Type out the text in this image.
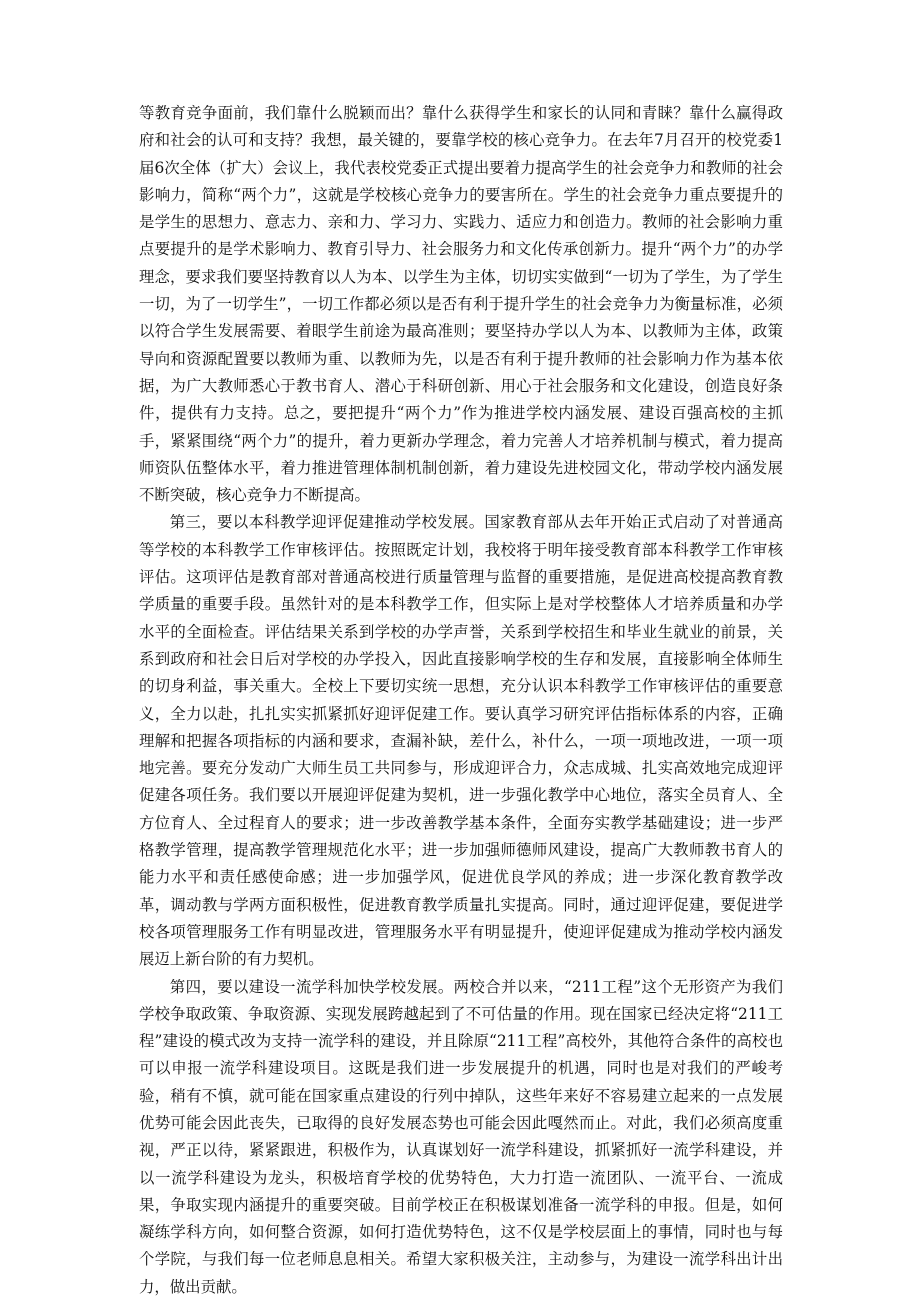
等教育竞争面前，我们靠什么脱颖而出？靠什么获得学生和家长的认同和青睐？靠什么赢得政府和社会的认可和支持？我想，最关键的，要靠学校的核心竞争力。在去年7月召开的校党委1届6次全体（扩大）会议上，我代表校党委正式提出要着力提高学生的社会竞争力和教师的社会影响力，简称“两个力”，这就是学校核心竞争力的要害所在。学生的社会竞争力重点要提升的是学生的思想力、意志力、亲和力、学习力、实践力、适应力和创造力。教师的社会影响力重点要提升的是学术影响力、教育引导力、社会服务力和文化传承创新力。提升“两个力”的办学理念，要求我们要坚持教育以人为本、以学生为主体，切切实实做到“一切为了学生，为了学生一切，为了一切学生”，一切工作都必须以是否有利于提升学生的社会竞争力为衡量标准，必须以符合学生发展需要、着眼学生前途为最高准则；要坚持办学以人为本、以教师为主体，政策导向和资源配置要以教师为重、以教师为先，以是否有利于提升教师的社会影响力作为基本依据，为广大教师悉心于教书育人、潜心于科研创新、用心于社会服务和文化建设，创造良好条件，提供有力支持。总之，要把提升“两个力”作为推进学校内涵发展、建设百强高校的主抓手，紧紧围绕“两个力”的提升，着力更新办学理念，着力完善人才培养机制与模式，着力提高师资队伍整体水平，着力推进管理体制机制创新，着力建设先进校园文化，带动学校内涵发展不断突破，核心竞争力不断提高。

第三，要以本科教学迎评促建推动学校发展。国家教育部从去年开始正式启动了对普通高等学校的本科教学工作审核评估。按照既定计划，我校将于明年接受教育部本科教学工作审核评估。这项评估是教育部对普通高校进行质量管理与监督的重要措施，是促进高校提高教育教学质量的重要手段。虽然针对的是本科教学工作，但实际上是对学校整体人才培养质量和办学水平的全面检查。评估结果关系到学校的办学声誉，关系到学校招生和毕业生就业的前景，关系到政府和社会日后对学校的办学投入，因此直接影响学校的生存和发展，直接影响全体师生的切身利益，事关重大。全校上下要切实统一思想，充分认识本科教学工作审核评估的重要意义，全力以赴，扎扎实实抓紧抓好迎评促建工作。要认真学习研究评估指标体系的内容，正确理解和把握各项指标的内涵和要求，查漏补缺，差什么，补什么，一项一项地改进，一项一项地完善。要充分发动广大师生员工共同参与，形成迎评合力，众志成城、扎实高效地完成迎评促建各项任务。我们要以开展迎评促建为契机，进一步强化教学中心地位，落实全员育人、全方位育人、全过程育人的要求；进一步改善教学基本条件，全面夯实教学基础建设；进一步严格教学管理，提高教学管理规范化水平；进一步加强师德师风建设，提高广大教师教书育人的能力水平和责任感使命感；进一步加强学风，促进优良学风的养成；进一步深化教育教学改革，调动教与学两方面积极性，促进教育教学质量扎实提高。同时，通过迎评促建，要促进学校各项管理服务工作有明显改进，管理服务水平有明显提升，使迎评促建成为推动学校内涵发展迈上新台阶的有力契机。

第四，要以建设一流学科加快学校发展。两校合并以来，“211工程”这个无形资产为我们学校争取政策、争取资源、实现发展跨越起到了不可估量的作用。现在国家已经决定将“211工程”建设的模式改为支持一流学科的建设，并且除原“211工程”高校外，其他符合条件的高校也可以申报一流学科建设项目。这既是我们进一步发展提升的机遇，同时也是对我们的严峻考验，稍有不慎，就可能在国家重点建设的行列中掉队，这些年来好不容易建立起来的一点发展优势可能会因此丧失，已取得的良好发展态势也可能会因此嘎然而止。对此，我们必须高度重视，严正以待，紧紧跟进，积极作为，认真谋划好一流学科建设，抓紧抓好一流学科建设，并以一流学科建设为龙头，积极培育学校的优势特色，大力打造一流团队、一流平台、一流成果，争取实现内涵提升的重要突破。目前学校正在积极谋划准备一流学科的申报。但是，如何凝练学科方向，如何整合资源，如何打造优势特色，这不仅是学校层面上的事情，同时也与每个学院，与我们每一位老师息息相关。希望大家积极关注，主动参与，为建设一流学科出计出力，做出贡献。
